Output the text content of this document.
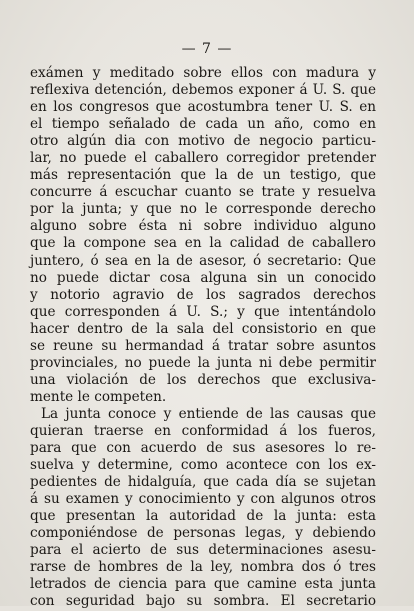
— 7 —
exámen y meditado sobre ellos con madura y
reflexiva detención, debemos exponer á U. S. que
en los congresos que acostumbra tener U. S. en
el tiempo señalado de cada un año, como en
otro algún dia con motivo de negocio particu-
lar, no puede el caballero corregidor pretender
más representación que la de un testigo, que
concurre á escuchar cuanto se trate y resuelva
por la junta; y que no le corresponde derecho
alguno sobre ésta ni sobre individuo alguno
que la compone sea en la calidad de caballero
juntero, ó sea en la de asesor, ó secretario: Que
no puede dictar cosa alguna sin un conocido
y notorio agravio de los sagrados derechos
que corresponden á U. S.; y que intentándolo
hacer dentro de la sala del consistorio en que
se reune su hermandad á tratar sobre asuntos
provinciales, no puede la junta ni debe permitir
una violación de los derechos que exclusiva-
mente le competen.
La junta conoce y entiende de las causas que
quieran traerse en conformidad á los fueros,
para que con acuerdo de sus asesores lo re-
suelva y determine, como acontece con los ex-
pedientes de hidalguía, que cada día se sujetan
á su examen y conocimiento y con algunos otros
que presentan la autoridad de la junta: esta
componiéndose de personas legas, y debiendo
para el acierto de sus determinaciones asesu-
rarse de hombres de la ley, nombra dos ó tres
letrados de ciencia para que camine esta junta
con seguridad bajo su sombra. El secretario
